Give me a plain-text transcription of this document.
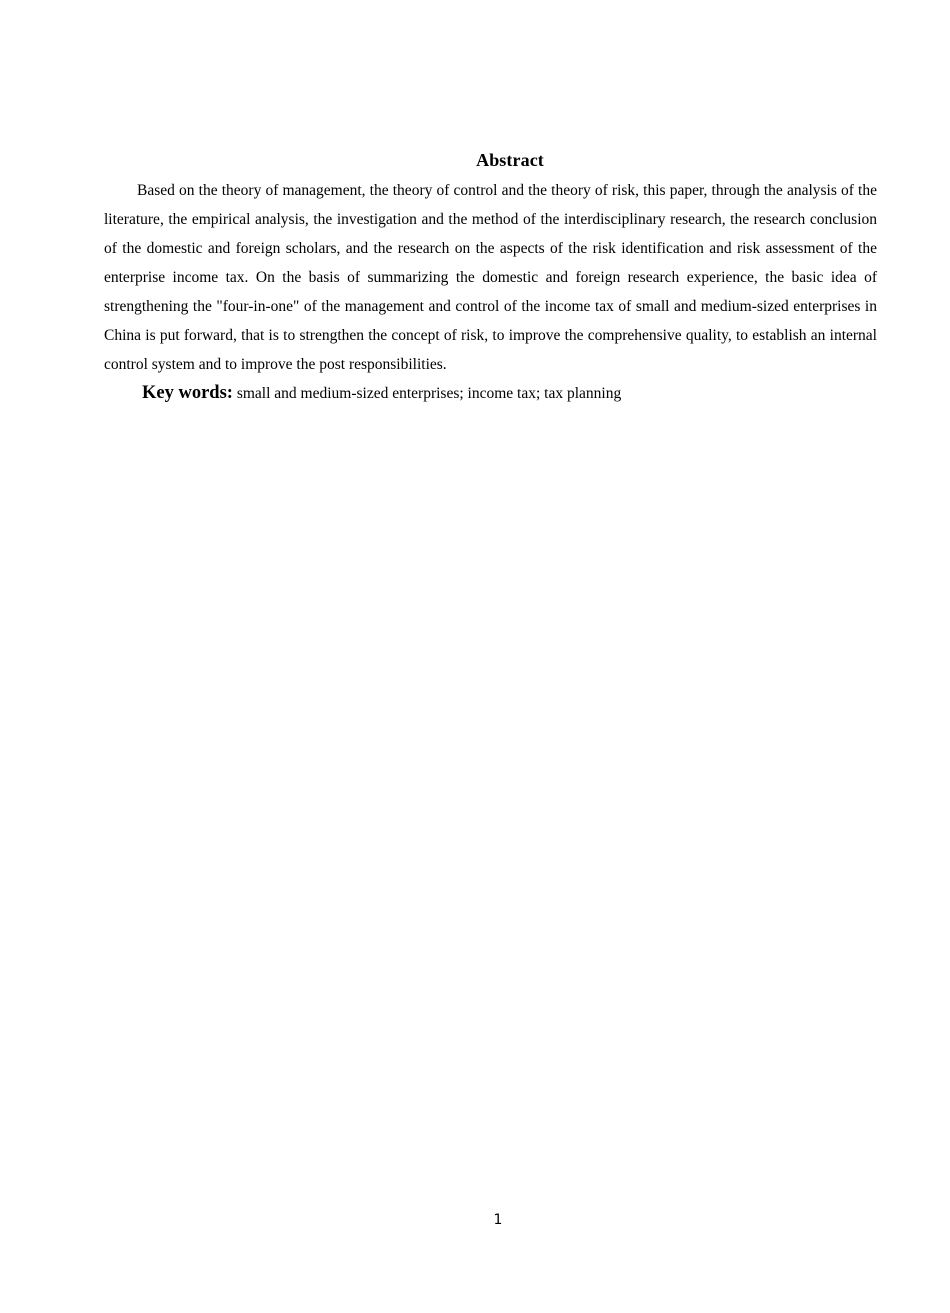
Abstract

Based on the theory of management, the theory of control and the theory of risk, this paper, through the analysis of the literature, the empirical analysis, the investigation and the method of the interdisciplinary research, the research conclusion of the domestic and foreign scholars, and the research on the aspects of the risk identification and risk assessment of the enterprise income tax. On the basis of summarizing the domestic and foreign research experience, the basic idea of strengthening the "four-in-one" of the management and control of the income tax of small and medium-sized enterprises in China is put forward, that is to strengthen the concept of risk, to improve the comprehensive quality, to establish an internal control system and to improve the post responsibilities.

Key words: small and medium-sized enterprises; income tax; tax planning

1
